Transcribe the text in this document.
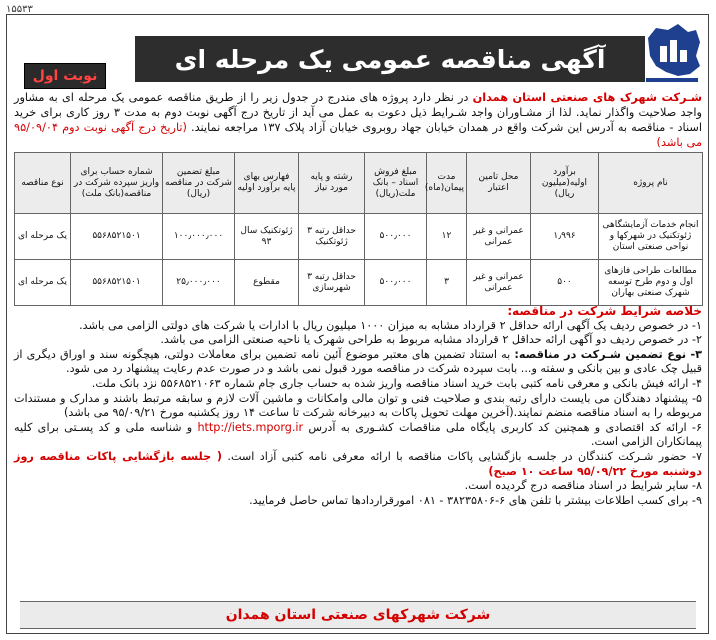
۱۵۵۳۳
آگهی مناقصه عمومی یک مرحله ای
نوبت اول
شـرکت شهرک های صنعتی استان همدان در نظر دارد پروژه های مندرج در جدول زیر را از طریق مناقصه عمومی یک مرحله ای به مشاور واجد صلاحیت واگذار نماید. لذا از مشـاوران واجد شـرایط ذیل دعوت به عمل می آید از تاریخ درج آگهی نوبت دوم به مدت ۳ روز کاری برای خرید اسناد - مناقصه به آدرس این شرکت واقع در همدان خیابان جهاد روبروی خیابان آزاد پلاک ۱۳۷ مراجعه نمایند. (تاریخ درج آگهی نوبت دوم ۹۵/۰۹/۰۴ می باشد)
نام پروژه	برآورد اولیه(میلیون ریال)	محل تامین اعتبار	مدت پیمان(ماه)	مبلغ فروش اسناد – بانک ملت(ریال)	رشته و پایه مورد نیاز	فهارس بهای پایه برآورد اولیه	مبلغ تضمین شرکت در مناقصه (ریال)	شماره حساب برای واریز سپرده شرکت در مناقصه(بانک ملت)	نوع مناقصه
انجام خدمات آزمایشگاهی ژئوتکنیک در شهرکها و نواحی صنعتی استان	۱٫۹۹۶	عمرانی و غیر عمرانی	۱۲	۵۰۰٫۰۰۰	حداقل رتبه ۳ ژئوتکنیک	ژئوتکنیک سال ۹۳	۱۰۰٫۰۰۰٫۰۰۰	۵۵۶۸۵۲۱۵۰۱	یک مرحله ای
مطالعات طراحی فازهای اول و دوم طرح توسعه شهرک صنعتی بهاران	۵۰۰	عمرانی و غیر عمرانی	۳	۵۰۰٫۰۰۰	حداقل رتبه ۳ شهرسازی	مقطوع	۲۵٫۰۰۰٫۰۰۰	۵۵۶۸۵۲۱۵۰۱	یک مرحله ای

خلاصه شرایط شرکت در مناقصه:

۱- در خصوص ردیف یک آگهی ارائه حداقل ۲ قرارداد مشابه به میزان ۱۰۰۰ میلیون ریال با ادارات یا شرکت های دولتی الزامی می باشد.

۲- در خصوص ردیف دو آگهی ارائه حداقل ۲ قرارداد مشابه مربوط به طراحی شهرک یا ناحیه صنعتی الزامی می باشد.

۳- نوع تضمین شـرکت در مناقصه: به استناد تضمین های معتبر موضوع آئین نامه تضمین برای معاملات دولتی، هیچگونه سند و اوراق دیگری از قبیل چک عادی و بین بانکی و سفته و... بابت سپرده شرکت در مناقصه مورد قبول نمی باشد و در صورت عدم رعایت پیشنهاد رد می شود.

۴- ارائه فیش بانکی و معرفی نامه کتبی بابت خرید اسناد مناقصه واریز شده به حساب جاری جام شماره ۵۵۶۸۵۲۱۰۶۳ نزد بانک ملت.

۵- پیشنهاد دهندگان می بایست دارای رتبه بندی و صلاحیت فنی و توان مالی وامکانات و ماشین آلات لازم و سابقه مرتبط باشند و مدارک و مستندات مربوطه را به اسناد مناقصه منضم نمایند.(آخرین مهلت تحویل پاکات به دبیرخانه شرکت تا ساعت ۱۴ روز یکشنبه مورخ ۹۵/۰۹/۲۱ می باشد)

۶- ارائه کد اقتصادی و همچنین کد کاربری پایگاه ملی مناقصات کشـوری به آدرس http://iets.mporg.ir و شناسه ملی و کد پسـتی برای کلیه پیمانکاران الزامی است.

۷- حضور شـرکت کنندگان در جلسـه بازگشایی پاکات مناقصه با ارائه معرفی نامه کتبی آزاد است. ( جلسه بازگشایی پاکات مناقصه روز دوشنبه مورخ ۹۵/۰۹/۲۲ ساعت ۱۰ صبح)

۸- سایر شرایط در اسناد مناقصه درج گردیده است.

۹- برای کسب اطلاعات بیشتر با تلفن های ۶-۳۸۲۳۵۸۰۶ - ۰۸۱ امورقراردادها تماس حاصل فرمایید.

شرکت شهرکهای صنعتی استان همدان
